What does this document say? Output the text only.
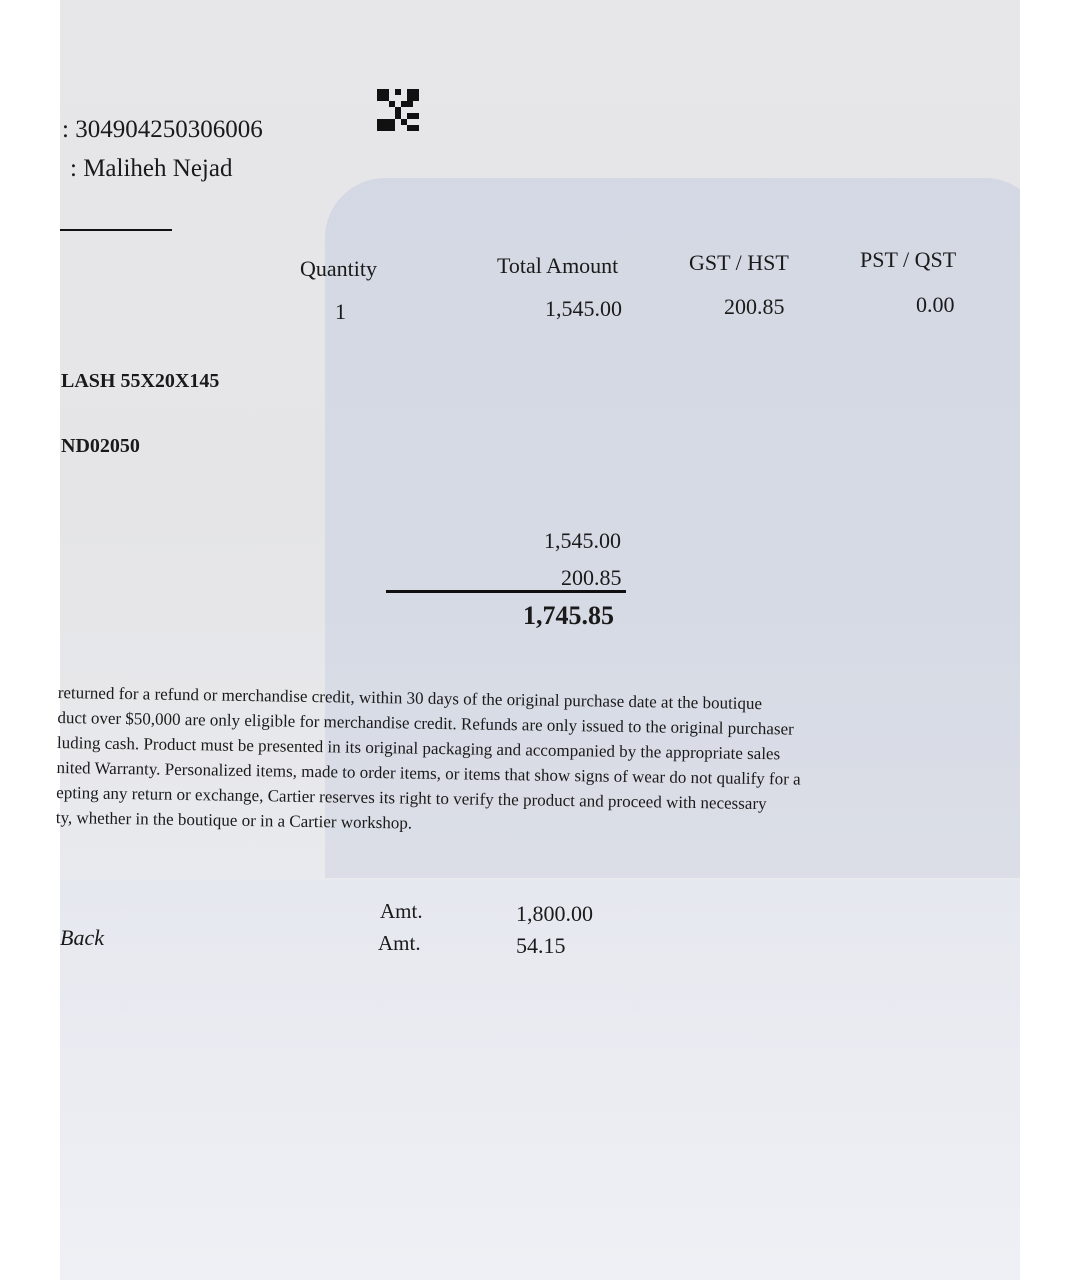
: 304904250306006
: Maliheh Nejad
Quantity	Total Amount	GST / HST	PST / QST
1	1,545.00	200.85	0.00
LASH 55X20X145
ND02050
1,545.00
200.85
1,745.85
returned for a refund or merchandise credit, within 30 days of the original purchase date at the boutique
duct over $50,000 are only eligible for merchandise credit. Refunds are only issued to the original purchaser
luding cash. Product must be presented in its original packaging and accompanied by the appropriate sales
nited Warranty. Personalized items, made to order items, or items that show signs of wear do not qualify for a
epting any return or exchange, Cartier reserves its right to verify the product and proceed with necessary
ty, whether in the boutique or in a Cartier workshop.
Back
Amt.	1,800.00
Amt.	54.15
